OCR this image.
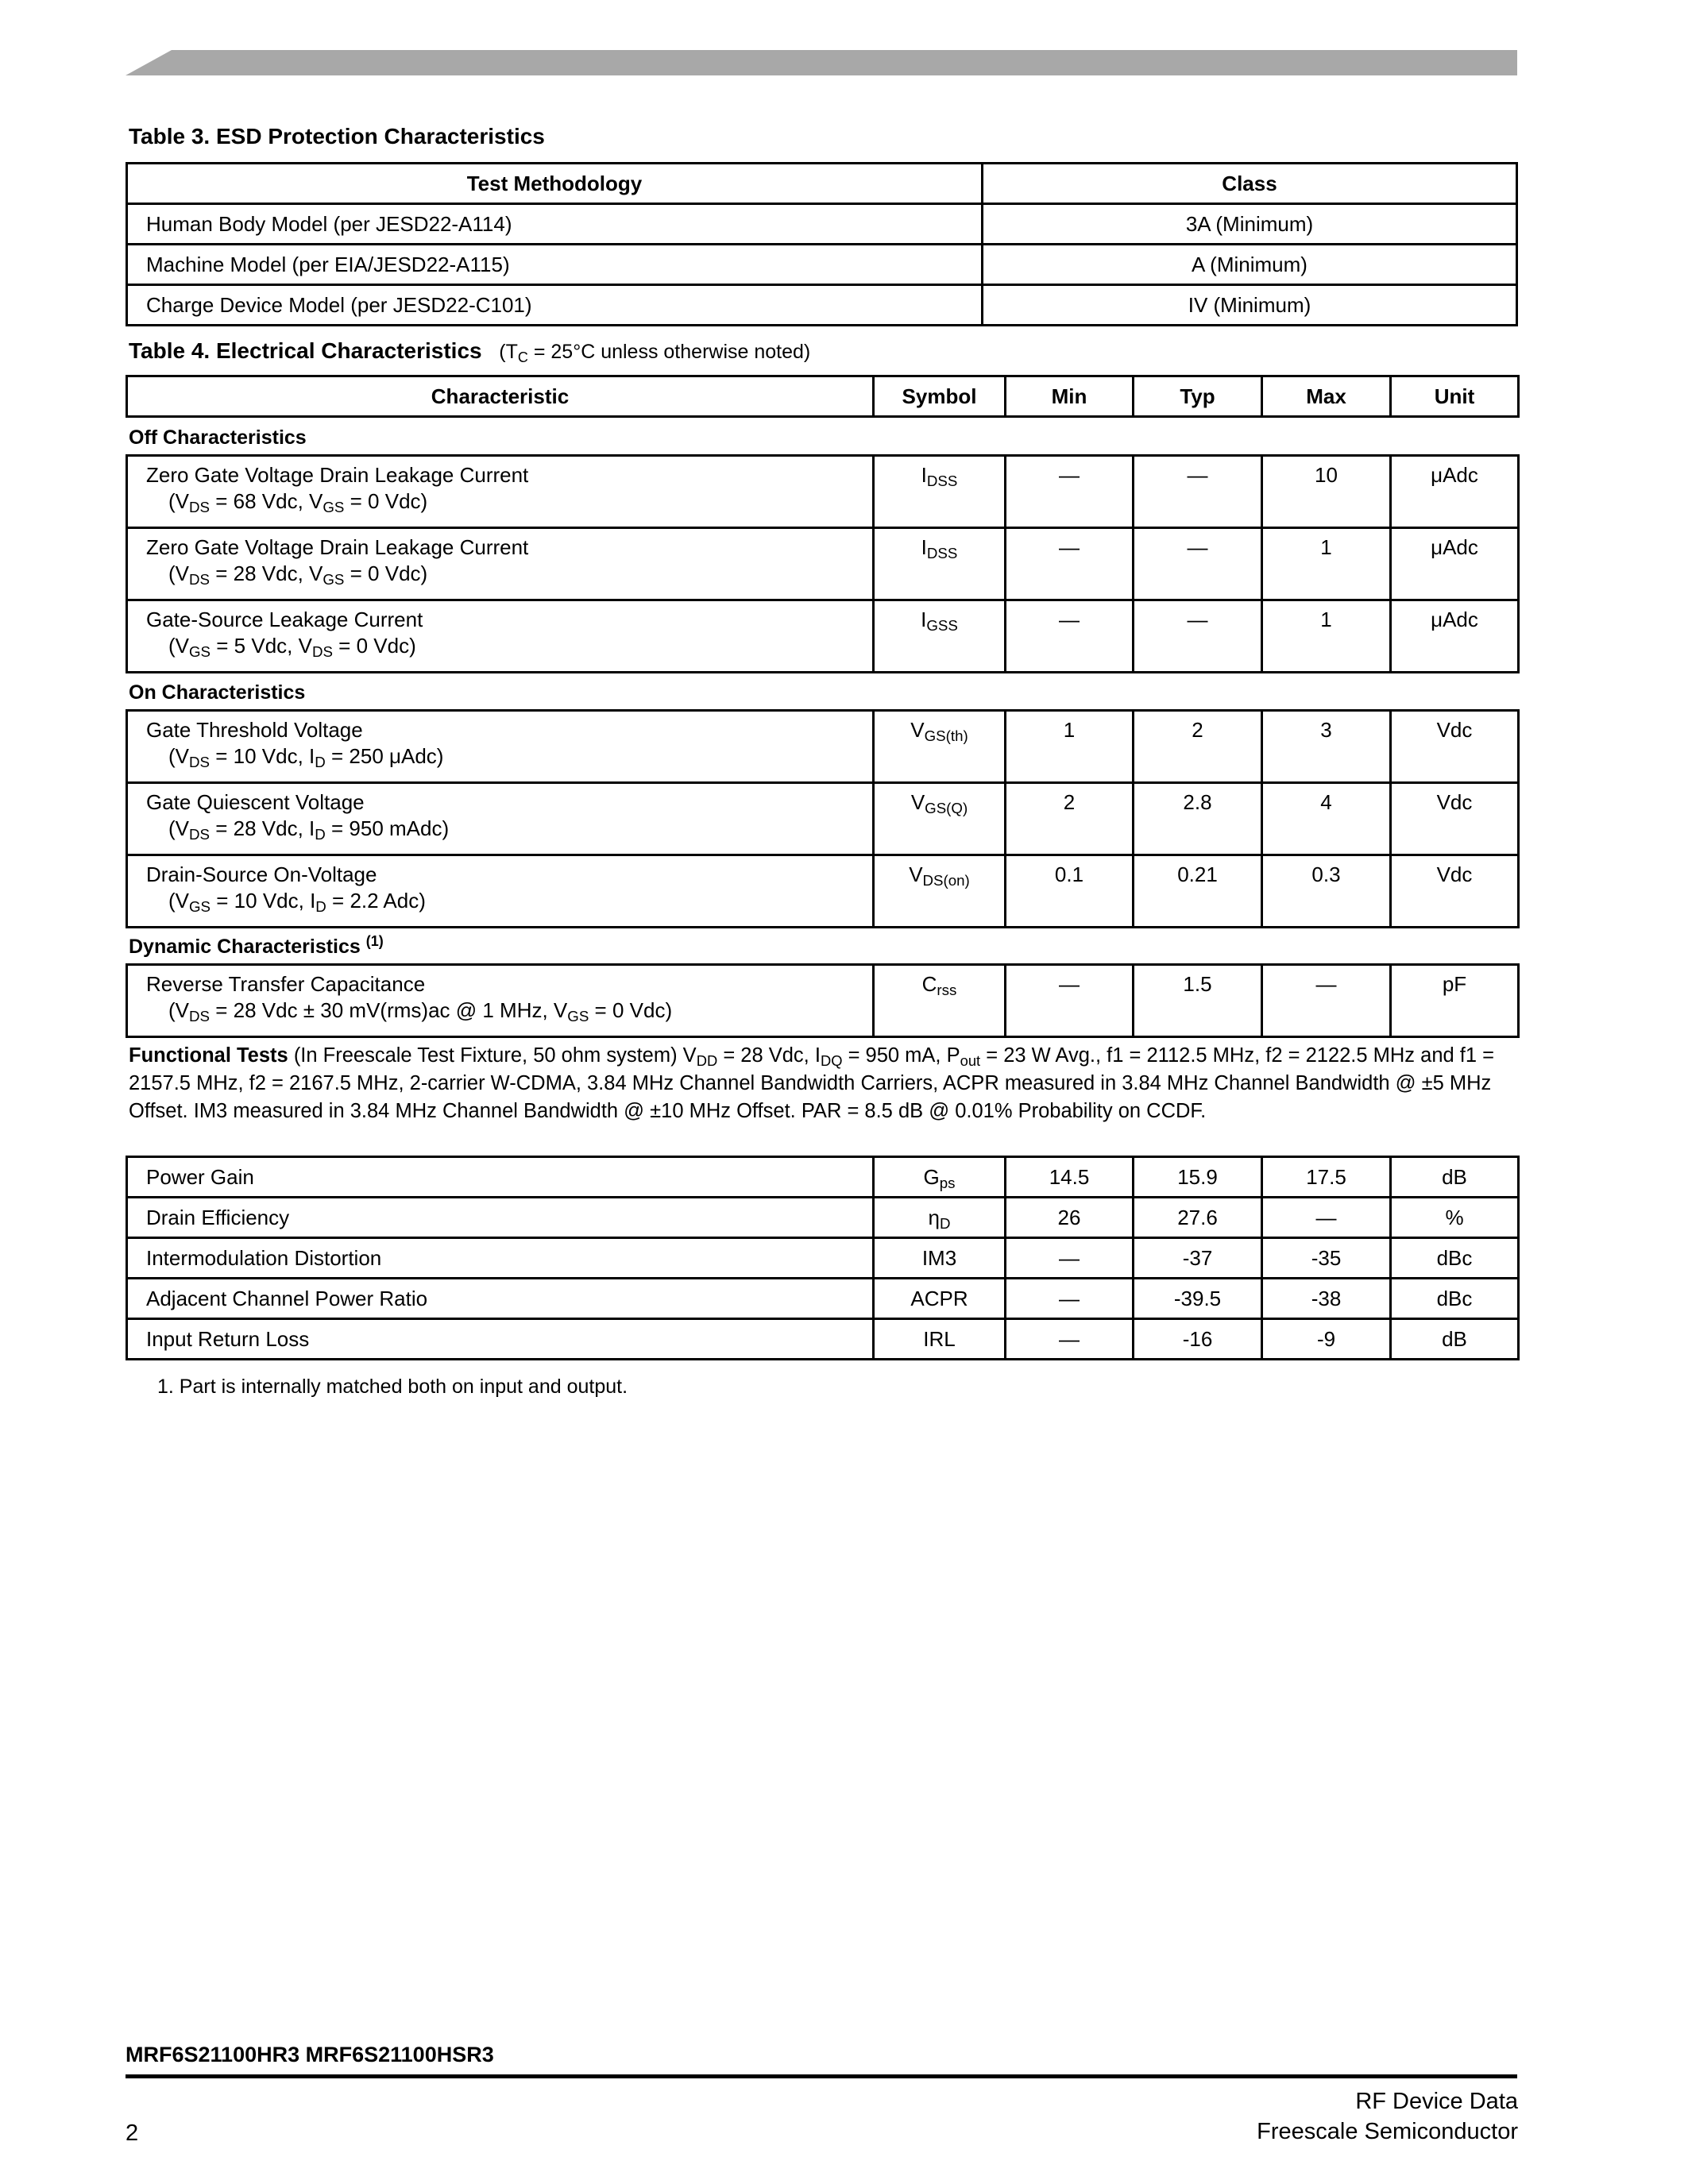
Table 3. ESD Protection Characteristics
Test Methodology	Class
Human Body Model (per JESD22-A114)	3A (Minimum)
Machine Model (per EIA/JESD22-A115)	A (Minimum)
Charge Device Model (per JESD22-C101)	IV (Minimum)
Table 4. Electrical Characteristics   ($T_C = 25^\circ C$ unless otherwise noted)
Characteristic	Symbol	Min	Typ	Max	Unit
Off Characteristics
Zero Gate Voltage Drain Leakage Current
($V_{DS} = 68$ Vdc, $V_{GS} = 0$ Vdc)	$I_{DSS}$	—	—	10	μAdc
Zero Gate Voltage Drain Leakage Current
($V_{DS} = 28$ Vdc, $V_{GS} = 0$ Vdc)	$I_{DSS}$	—	—	1	μAdc
Gate-Source Leakage Current
($V_{GS} = 5$ Vdc, $V_{DS} = 0$ Vdc)	$I_{GSS}$	—	—	1	μAdc
On Characteristics
Gate Threshold Voltage
($V_{DS} = 10$ Vdc, $I_D = 250$ μAdc)	$V_{GS(th)}$	1	2	3	Vdc
Gate Quiescent Voltage
($V_{DS} = 28$ Vdc, $I_D = 950$ mAdc)	$V_{GS(Q)}$	2	2.8	4	Vdc
Drain-Source On-Voltage
($V_{GS} = 10$ Vdc, $I_D = 2.2$ Adc)	$V_{DS(on)}$	0.1	0.21	0.3	Vdc
Dynamic Characteristics $^{(1)}$
Reverse Transfer Capacitance
($V_{DS} = 28$ Vdc ± 30 mV(rms)ac @ 1 MHz, $V_{GS} = 0$ Vdc)
	$C_{rss}$	—	1.5	—	pF
Functional Tests (In Freescale Test Fixture, 50 ohm system) $V_{DD} = 28$ Vdc, $I_{DQ} = 950$ mA, $P_{out} = 23$ W Avg., f1 = 2112.5 MHz, f2 = 2122.5 MHz and f1 = 2157.5 MHz, f2 = 2167.5 MHz, 2-carrier W-CDMA, 3.84 MHz Channel Bandwidth Carriers, ACPR measured in 3.84 MHz Channel Bandwidth @ ±5 MHz Offset. IM3 measured in 3.84 MHz Channel Bandwidth @ ±10 MHz Offset. PAR = 8.5 dB @ 0.01% Probability on CCDF.
Power Gain	$G_{ps}$	14.5	15.9	17.5	dB
Drain Efficiency	$\eta_D$	26	27.6	—	%
Intermodulation Distortion	IM3	—	-37	-35	dBc
Adjacent Channel Power Ratio	ACPR	—	-39.5	-38	dBc
Input Return Loss	IRL	—	-16	-9	dB
1. Part is internally matched both on input and output.
MRF6S21100HR3 MRF6S21100HSR3
RF Device Data
Freescale Semiconductor
2
